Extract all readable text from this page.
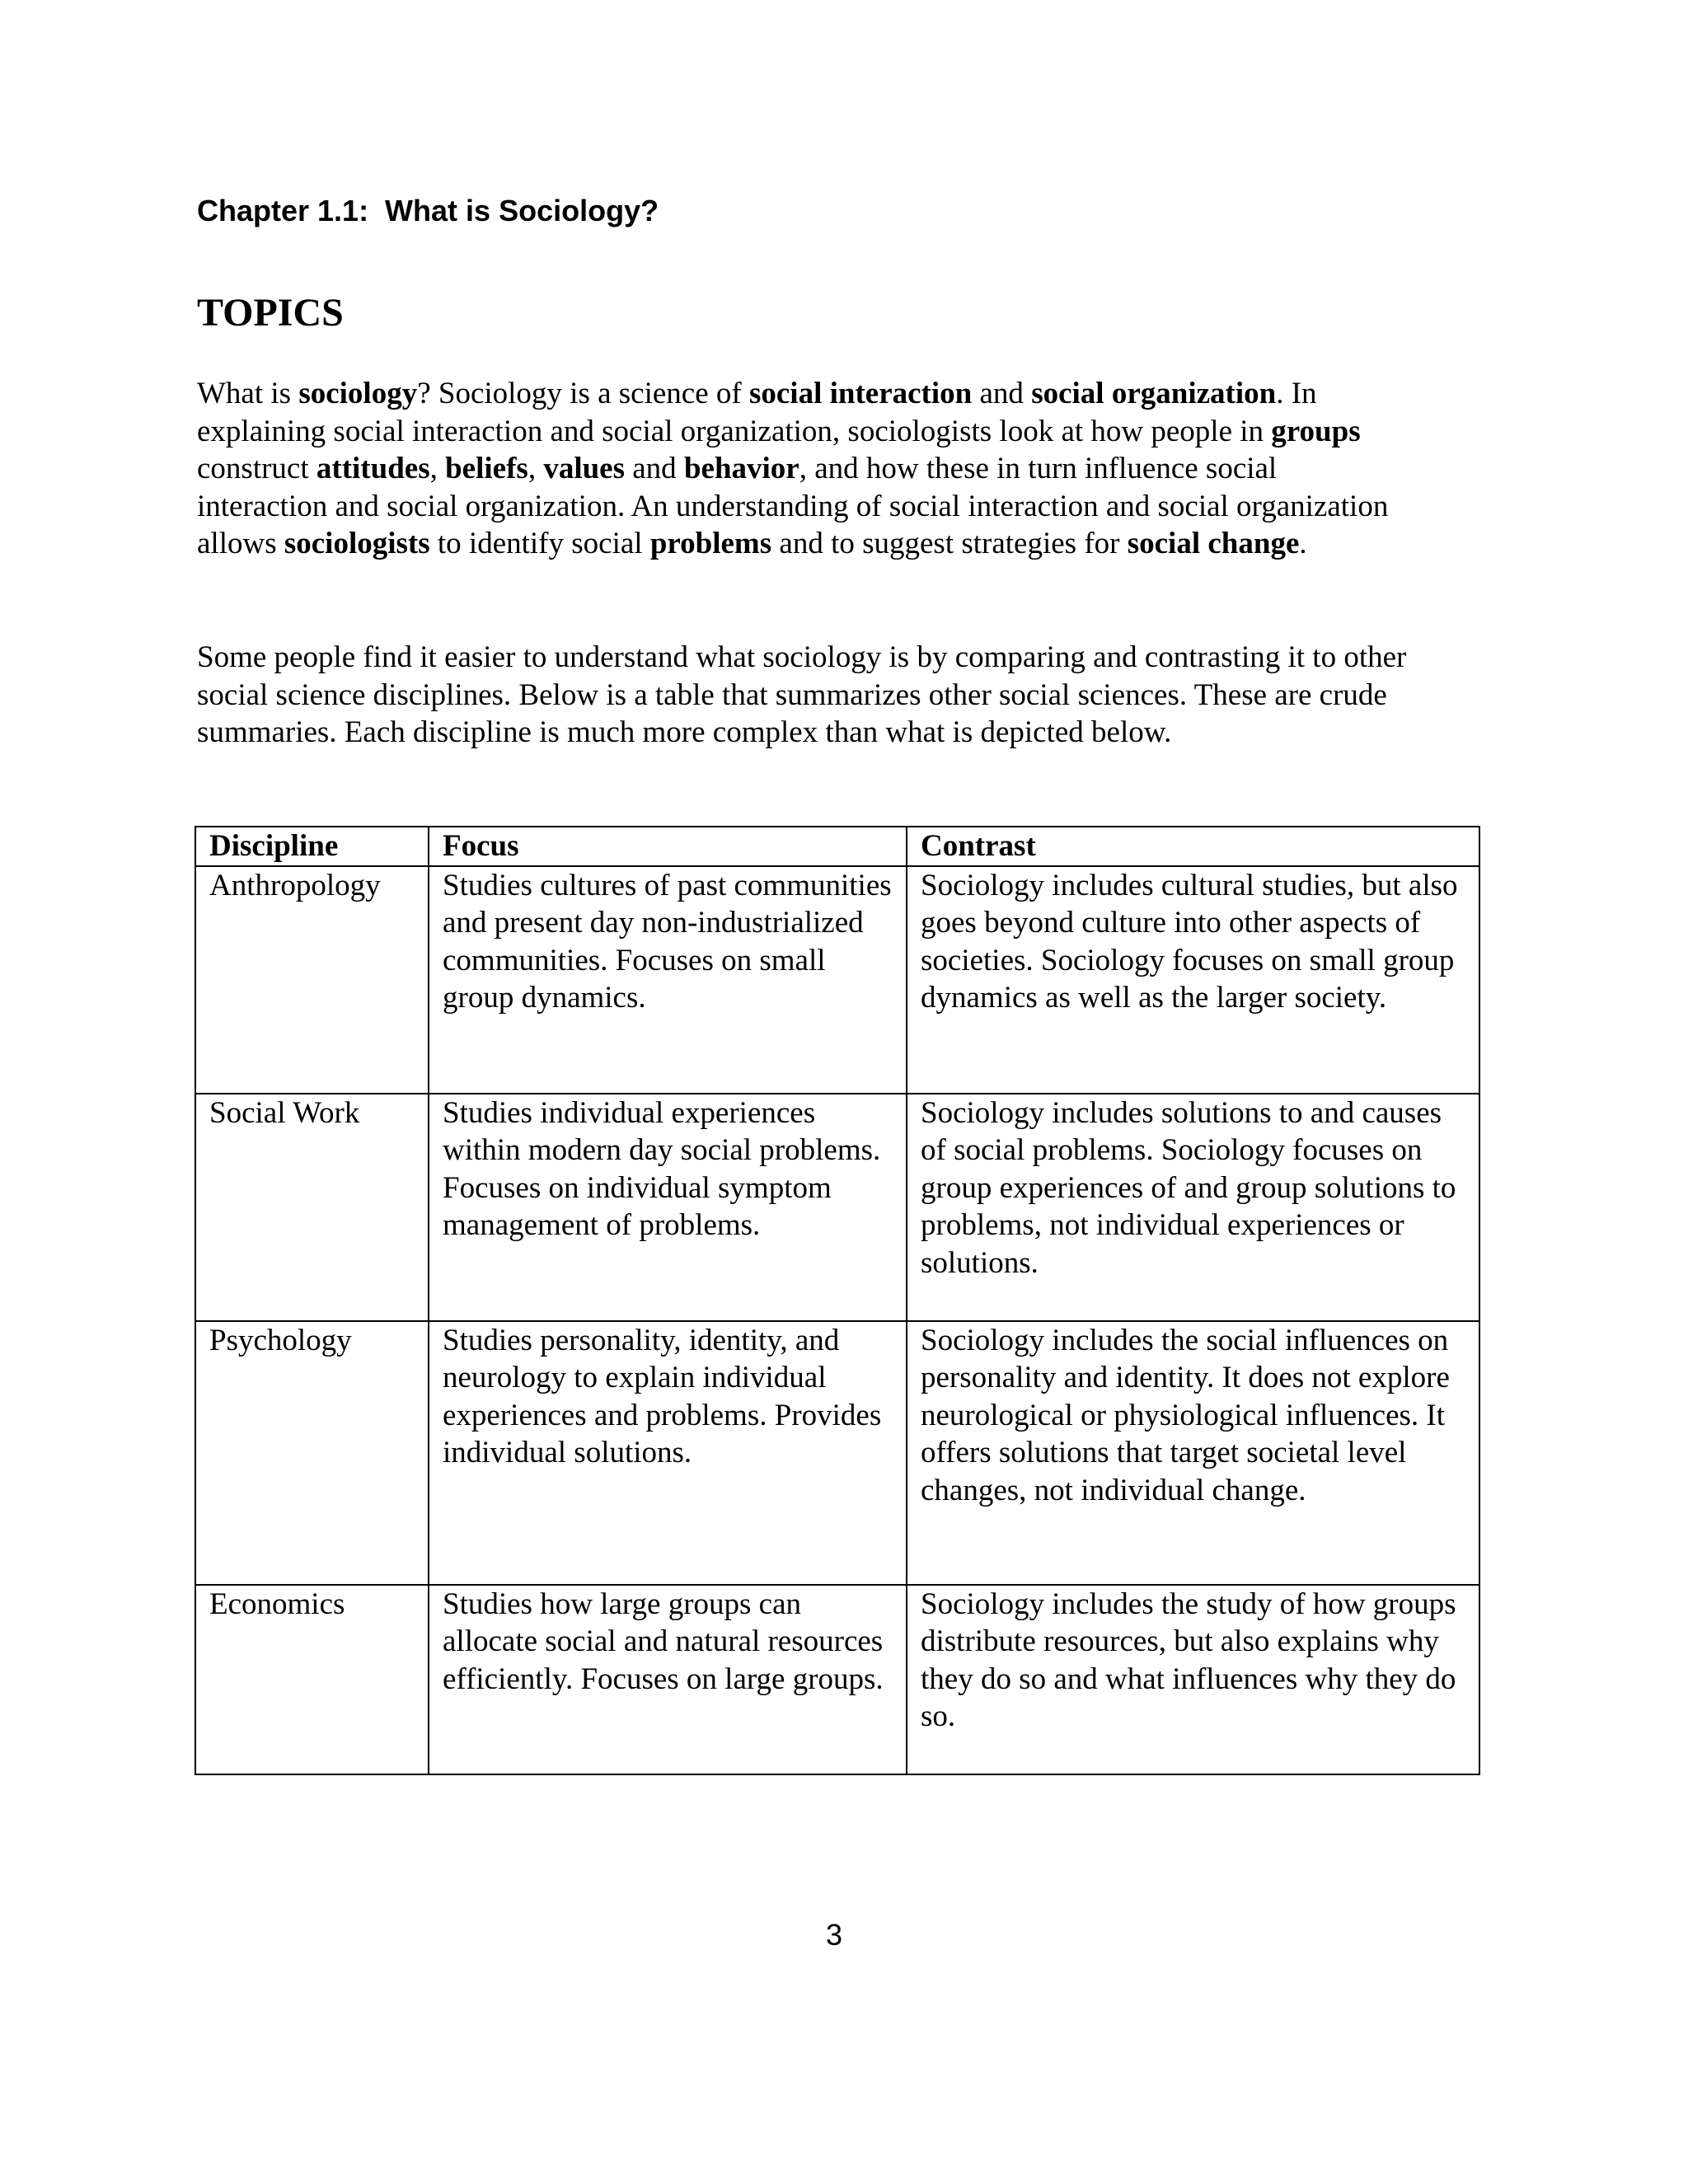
Chapter 1.1:  What is Sociology?
TOPICS
What is sociology? Sociology is a science of social interaction and social organization. In explaining social interaction and social organization, sociologists look at how people in groups construct attitudes, beliefs, values and behavior, and how these in turn influence social interaction and social organization. An understanding of social interaction and social organization allows sociologists to identify social problems and to suggest strategies for social change.
Some people find it easier to understand what sociology is by comparing and contrasting it to other social science disciplines. Below is a table that summarizes other social sciences. These are crude summaries. Each discipline is much more complex than what is depicted below.
Discipline	Focus	Contrast
Anthropology	Studies cultures of past communities and present day non-industrialized communities. Focuses on small group dynamics.	Sociology includes cultural studies, but also goes beyond culture into other aspects of societies. Sociology focuses on small group dynamics as well as the larger society.
Social Work	Studies individual experiences within modern day social problems. Focuses on individual symptom management of problems.	Sociology includes solutions to and causes of social problems. Sociology focuses on group experiences of and group solutions to problems, not individual experiences or solutions.
Psychology	Studies personality, identity, and neurology to explain individual experiences and problems. Provides individual solutions.	Sociology includes the social influences on personality and identity. It does not explore neurological or physiological influences. It offers solutions that target societal level changes, not individual change.
Economics	Studies how large groups can allocate social and natural resources efficiently. Focuses on large groups.	Sociology includes the study of how groups distribute resources, but also explains why they do so and what influences why they do so.
3
